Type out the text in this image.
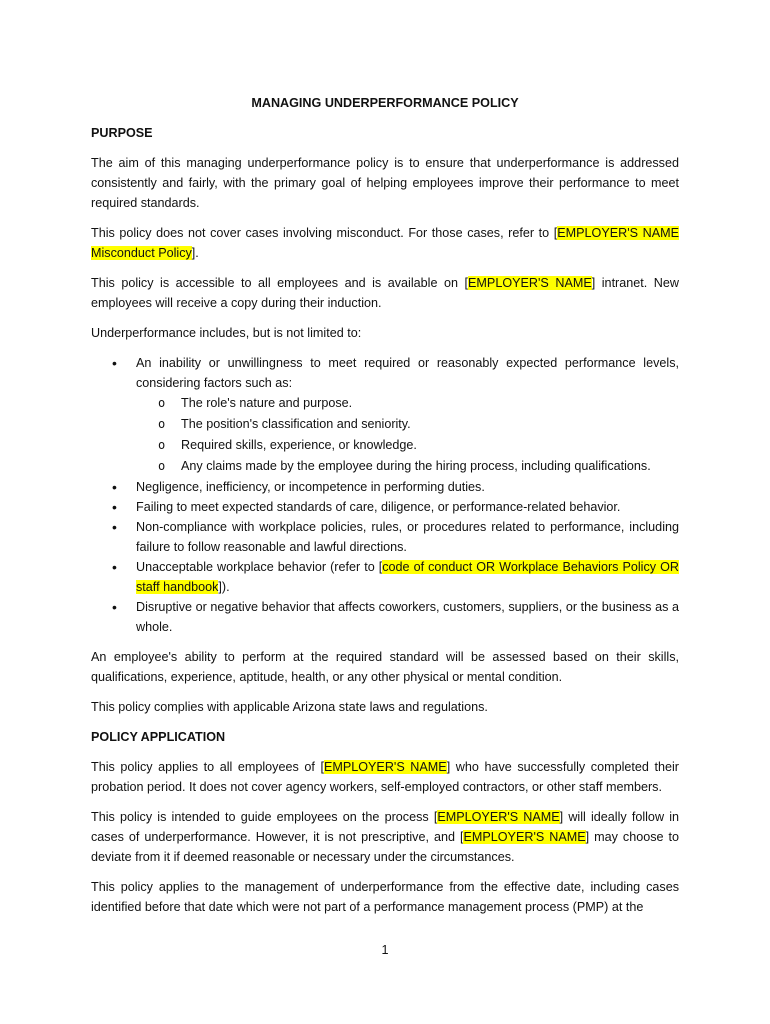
MANAGING UNDERPERFORMANCE POLICY
PURPOSE

The aim of this managing underperformance policy is to ensure that underperformance is addressed consistently and fairly, with the primary goal of helping employees improve their performance to meet required standards.

This policy does not cover cases involving misconduct. For those cases, refer to [EMPLOYER'S NAME Misconduct Policy].

This policy is accessible to all employees and is available on [EMPLOYER'S NAME] intranet. New employees will receive a copy during their induction.

Underperformance includes, but is not limited to:

• An inability or unwillingness to meet required or reasonably expected performance levels, considering factors such as:
o The role's nature and purpose.
o The position's classification and seniority.
o Required skills, experience, or knowledge.
o Any claims made by the employee during the hiring process, including qualifications.
• Negligence, inefficiency, or incompetence in performing duties.
• Failing to meet expected standards of care, diligence, or performance-related behavior.
• Non-compliance with workplace policies, rules, or procedures related to performance, including failure to follow reasonable and lawful directions.
• Unacceptable workplace behavior (refer to [code of conduct OR Workplace Behaviors Policy OR staff handbook]).
• Disruptive or negative behavior that affects coworkers, customers, suppliers, or the business as a whole.

An employee's ability to perform at the required standard will be assessed based on their skills, qualifications, experience, aptitude, health, or any other physical or mental condition.

This policy complies with applicable Arizona state laws and regulations.

POLICY APPLICATION

This policy applies to all employees of [EMPLOYER'S NAME] who have successfully completed their probation period. It does not cover agency workers, self-employed contractors, or other staff members.

This policy is intended to guide employees on the process [EMPLOYER'S NAME] will ideally follow in cases of underperformance. However, it is not prescriptive, and [EMPLOYER'S NAME] may choose to deviate from it if deemed reasonable or necessary under the circumstances.

This policy applies to the management of underperformance from the effective date, including cases identified before that date which were not part of a performance management process (PMP) at the

1
